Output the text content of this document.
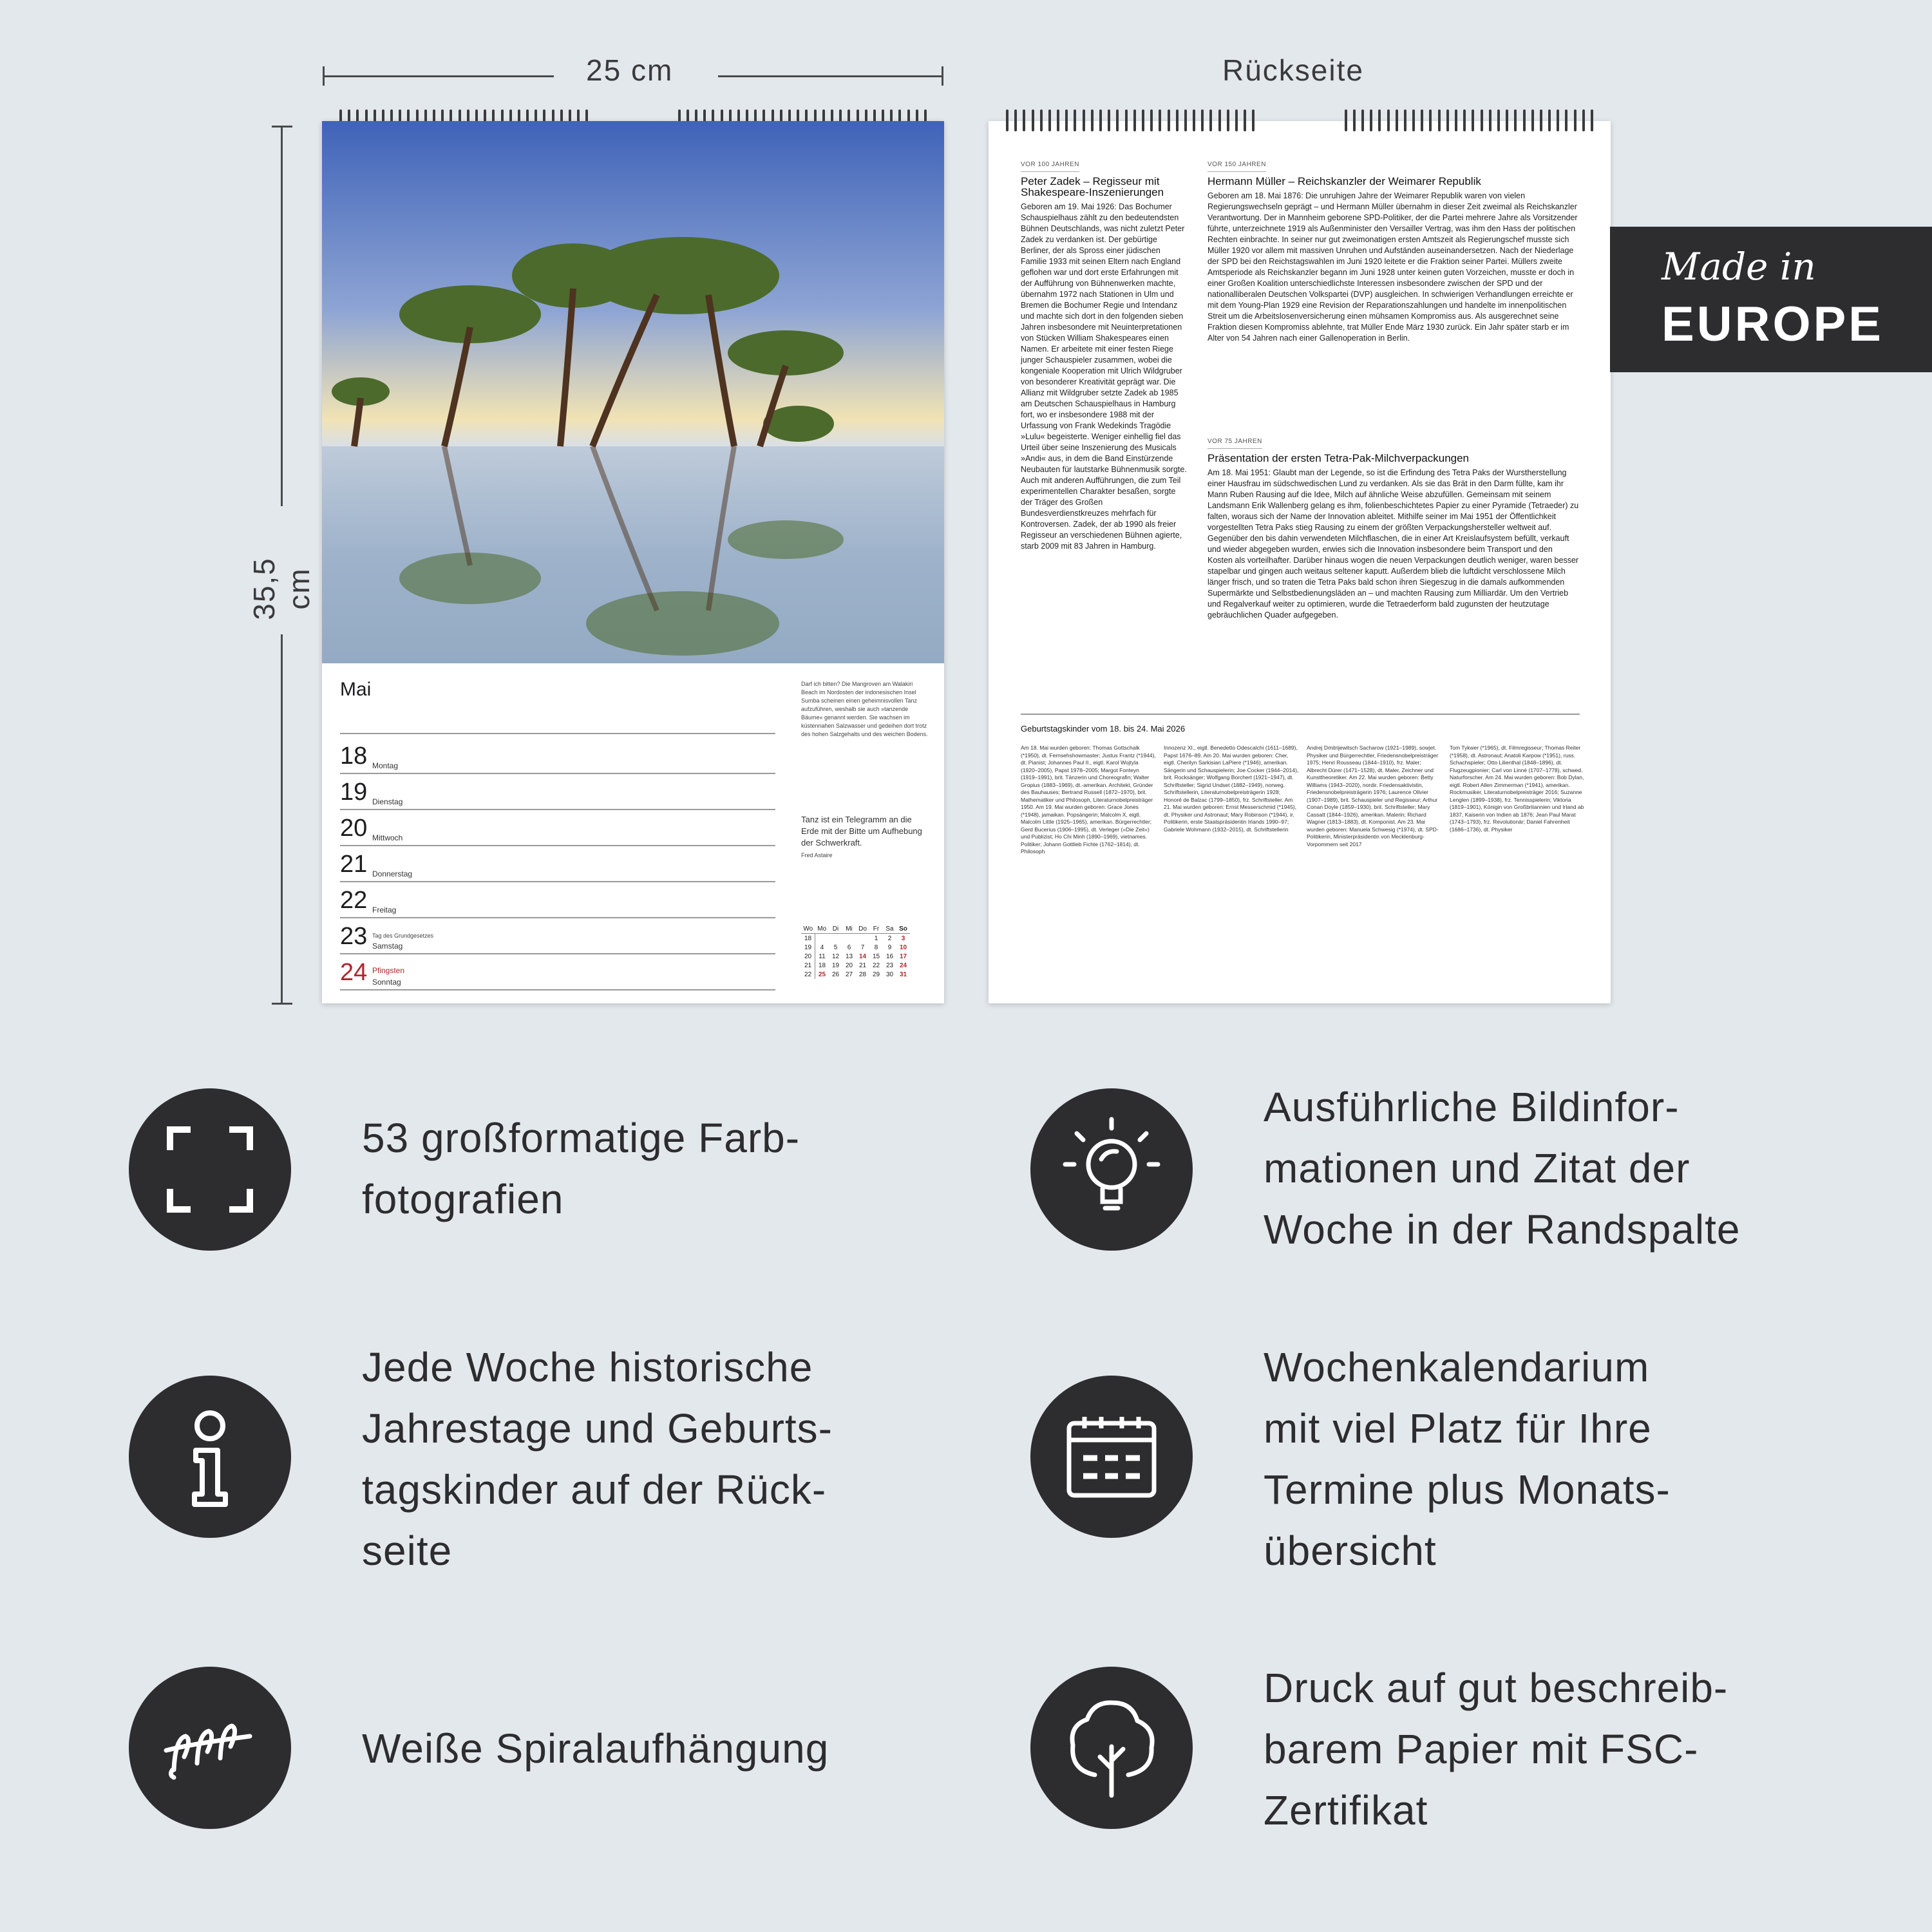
25 cm
35,5 cm
Rückseite
Mai

18 Montag
19 Dienstag
20 Mittwoch
21 Donnerstag
22 Freitag
23 Samstag
Tag des Grundgesetzes
24 Sonntag
Pfingsten
Darf ich bitten? Die Mangroven am Walakiri Beach im Nordosten der indonesischen Insel Sumba scheinen einen geheimnisvollen Tanz aufzuführen, weshalb sie auch »tanzende Bäume« genannt werden. Sie wachsen im küstennahen Salzwasser und gedeihen dort trotz des hohen Salzgehalts und des weichen Bodens.
Tanz ist ein Telegramm an die Erde mit der Bitte um Aufhebung der Schwerkraft.
Fred Astaire
Wo	Mo	Di	Mi	Do	Fr	Sa	So
18					1	2	3
19	4	5	6	7	8	9	10
20	11	12	13	14	15	16	17
21	18	19	20	21	22	23	24
22	25	26	27	28	29	30	31
VOR 100 JAHREN
Peter Zadek – Regisseur mit Shakespeare-Inszenierungen
Geboren am 19. Mai 1926: Das Bochumer Schauspielhaus zählt zu den bedeutendsten Bühnen Deutschlands, was nicht zuletzt Peter Zadek zu verdanken ist. Der gebürtige Berliner, der als Spross einer jüdischen Familie 1933 mit seinen Eltern nach England geflohen war und dort erste Erfahrungen mit der Aufführung von Bühnenwerken machte, übernahm 1972 nach Stationen in Ulm und Bremen die Bochumer Regie und Intendanz und machte sich dort in den folgenden sieben Jahren insbesondere mit Neuinterpretationen von Stücken William Shakespeares einen Namen. Er arbeitete mit einer festen Riege junger Schauspieler zusammen, wobei die kongeniale Kooperation mit Ulrich Wildgruber von besonderer Kreativität geprägt war. Die Allianz mit Wildgruber setzte Zadek ab 1985 am Deutschen Schauspielhaus in Hamburg fort, wo er insbesondere 1988 mit der Urfassung von Frank Wedekinds Tragödie »Lulu« begeisterte. Weniger einhellig fiel das Urteil über seine Inszenierung des Musicals »Andi« aus, in dem die Band Einstürzende Neubauten für lautstarke Bühnenmusik sorgte. Auch mit anderen Aufführungen, die zum Teil experimentellen Charakter besaßen, sorgte der Träger des Großen Bundesverdienstkreuzes mehrfach für Kontroversen. Zadek, der ab 1990 als freier Regisseur an verschiedenen Bühnen agierte, starb 2009 mit 83 Jahren in Hamburg.
VOR 150 JAHREN
Hermann Müller – Reichskanzler der Weimarer Republik
Geboren am 18. Mai 1876: Die unruhigen Jahre der Weimarer Republik waren von vielen Regierungswechseln geprägt – und Hermann Müller übernahm in dieser Zeit zweimal als Reichskanzler Verantwortung. Der in Mannheim geborene SPD-Politiker, der die Partei mehrere Jahre als Vorsitzender führte, unterzeichnete 1919 als Außenminister den Versailler Vertrag, was ihm den Hass der politischen Rechten einbrachte. In seiner nur gut zweimonatigen ersten Amtszeit als Regierungschef musste sich Müller 1920 vor allem mit massiven Unruhen und Aufständen auseinandersetzen. Nach der Niederlage der SPD bei den Reichstagswahlen im Juni 1920 leitete er die Fraktion seiner Partei. Müllers zweite Amtsperiode als Reichskanzler begann im Juni 1928 unter keinen guten Vorzeichen, musste er doch in einer Großen Koalition unterschiedlichste Interessen insbesondere zwischen der SPD und der nationalliberalen Deutschen Volkspartei (DVP) ausgleichen. In schwierigen Verhandlungen erreichte er mit dem Young-Plan 1929 eine Revision der Reparationszahlungen und handelte im innenpolitischen Streit um die Arbeitslosenversicherung einen mühsamen Kompromiss aus. Als ausgerechnet seine Fraktion diesen Kompromiss ablehnte, trat Müller Ende März 1930 zurück. Ein Jahr später starb er im Alter von 54 Jahren nach einer Gallenoperation in Berlin.
VOR 75 JAHREN
Präsentation der ersten Tetra-Pak-Milchverpackungen
Am 18. Mai 1951: Glaubt man der Legende, so ist die Erfindung des Tetra Paks der Wurstherstellung einer Hausfrau im südschwedischen Lund zu verdanken. Als sie das Brät in den Darm füllte, kam ihr Mann Ruben Rausing auf die Idee, Milch auf ähnliche Weise abzufüllen. Gemeinsam mit seinem Landsmann Erik Wallenberg gelang es ihm, folienbeschichtetes Papier zu einer Pyramide (Tetraeder) zu falten, woraus sich der Name der Innovation ableitet. Mithilfe seiner im Mai 1951 der Öffentlichkeit vorgestellten Tetra Paks stieg Rausing zu einem der größten Verpackungshersteller weltweit auf. Gegenüber den bis dahin verwendeten Milchflaschen, die in einer Art Kreislaufsystem befüllt, verkauft und wieder abgegeben wurden, erwies sich die Innovation insbesondere beim Transport und den Kosten als vorteilhafter. Darüber hinaus wogen die neuen Verpackungen deutlich weniger, waren besser stapelbar und gingen auch weitaus seltener kaputt. Außerdem blieb die luftdicht verschlossene Milch länger frisch, und so traten die Tetra Paks bald schon ihren Siegeszug in die damals aufkommenden Supermärkte und Selbstbedienungsläden an – und machten Rausing zum Milliardär. Um den Vertrieb und Regalverkauf weiter zu optimieren, wurde die Tetraederform bald zugunsten der heutzutage gebräuchlichen Quader aufgegeben.
Geburtstagskinder vom 18. bis 24. Mai 2026
Am 18. Mai wurden geboren: Thomas Gottschalk (*1950), dt. Fernsehshowmaster; Justus Frantz (*1944), dt. Pianist; Johannes Paul II., eigtl. Karol Wojtyla (1920–2005), Papst 1978–2005; Margot Fonteyn (1919–1991), brit. Tänzerin und Choreografin; Walter Gropius (1883–1969), dt.-amerikan. Architekt, Gründer des Bauhauses; Bertrand Russell (1872–1970), brit. Mathematiker und Philosoph, Literaturnobelpreisträger 1950. Am 19. Mai wurden geboren: Grace Jones (*1948), jamaikan. Popsängerin; Malcolm X, eigtl. Malcolm Little (1925–1965), amerikan. Bürgerrechtler; Gerd Bucerius (1906–1995), dt. Verleger (»Die Zeit«) und Publizist; Ho Chi Minh (1890–1969), vietnames. Politiker; Johann Gottlieb Fichte (1762–1814), dt. Philosoph
Innozenz XI., eigtl. Benedetto Odescalchi (1611–1689), Papst 1676–89. Am 20. Mai wurden geboren: Cher, eigtl. Cherilyn Sarkisian LaPiere (*1946), amerikan. Sängerin und Schauspielerin; Joe Cocker (1944–2014), brit. Rocksänger; Wolfgang Borchert (1921–1947), dt. Schriftsteller; Sigrid Undset (1882–1949), norweg. Schriftstellerin, Literaturnobelpreisträgerin 1928; Honoré de Balzac (1799–1850), frz. Schriftsteller. Am 21. Mai wurden geboren: Ernst Messerschmid (*1945), dt. Physiker und Astronaut; Mary Robinson (*1944), ir. Politikerin, erste Staatspräsidentin Irlands 1990–97; Gabriele Wohmann (1932–2015), dt. Schriftstellerin
Andrej Dmitrijewitsch Sacharow (1921–1989), sowjet. Physiker und Bürgerrechtler, Friedensnobelpreisträger 1975; Henri Rousseau (1844–1910), frz. Maler; Albrecht Dürer (1471–1528), dt. Maler, Zeichner und Kunsttheoretiker. Am 22. Mai wurden geboren: Betty Williams (1943–2020), nordir. Friedensaktivistin, Friedensnobelpreisträgerin 1976; Laurence Olivier (1907–1989), brit. Schauspieler und Regisseur; Arthur Conan Doyle (1859–1930), brit. Schriftsteller; Mary Cassatt (1844–1926), amerikan. Malerin; Richard Wagner (1813–1883), dt. Komponist. Am 23. Mai wurden geboren: Manuela Schwesig (*1974), dt. SPD-Politikerin, Ministerpräsidentin von Mecklenburg-Vorpommern seit 2017
Tom Tykwer (*1965), dt. Filmregisseur; Thomas Reiter (*1958), dt. Astronaut; Anatoli Karpow (*1951), russ. Schachspieler; Otto Lilienthal (1848–1896), dt. Flugzeugpionier; Carl von Linné (1707–1778), schwed. Naturforscher. Am 24. Mai wurden geboren: Bob Dylan, eigtl. Robert Allen Zimmerman (*1941), amerikan. Rockmusiker, Literaturnobelpreisträger 2016; Suzanne Lenglen (1899–1938), frz. Tennisspielerin; Viktoria (1819–1901), Königin von Großbritannien und Irland ab 1837, Kaiserin von Indien ab 1876; Jean Paul Marat (1743–1793), frz. Revolutionär; Daniel Fahrenheit (1686–1736), dt. Physiker
Made in
EUROPE
53 großformatige Farb-
fotografien
Ausführliche Bildinfor-
mationen und Zitat der
Woche in der Randspalte
Jede Woche historische
Jahrestage und Geburts-
tagskinder auf der Rück-
seite
Wochenkalendarium
mit viel Platz für Ihre
Termine plus Monats-
übersicht
Weiße Spiralaufhängung
Druck auf gut beschreib-
barem Papier mit FSC-
Zertifikat
